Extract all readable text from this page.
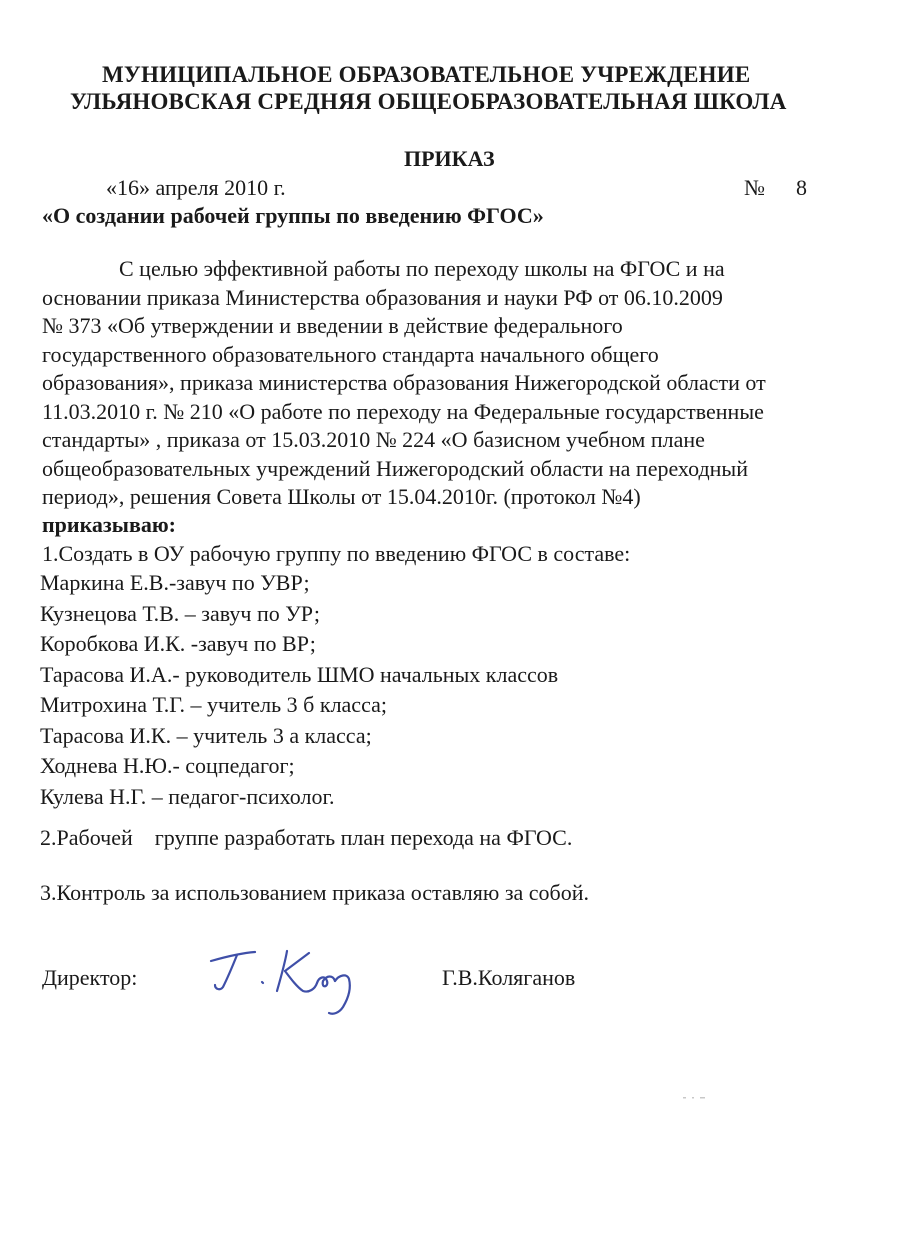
МУНИЦИПАЛЬНОЕ ОБРАЗОВАТЕЛЬНОЕ УЧРЕЖДЕНИЕ
УЛЬЯНОВСКАЯ СРЕДНЯЯ ОБЩЕОБРАЗОВАТЕЛЬНАЯ ШКОЛА
ПРИКАЗ
«16» апреля 2010 г.	№ 8
«О создании рабочей группы по введению ФГОС»
С целью эффективной работы по переходу школы на ФГОС и на
основании приказа Министерства образования и науки РФ от 06.10.2009
№ 373 «Об утверждении и введении в действие федерального
государственного образовательного стандарта начального общего
образования», приказа министерства образования Нижегородской области от
11.03.2010 г. № 210 «О работе по переходу на Федеральные государственные
стандарты» , приказа от 15.03.2010 № 224 «О базисном учебном плане
общеобразовательных учреждений Нижегородский области на переходный
период», решения Совета Школы от 15.04.2010г. (протокол №4)
приказываю:
1.Создать в ОУ рабочую группу по введению ФГОС в составе:
Маркина Е.В.-завуч по УВР;
Кузнецова Т.В. – завуч по УР;
Коробкова И.К. -завуч по ВР;
Тарасова И.А.- руководитель ШМО начальных классов
Митрохина Т.Г. – учитель 3 б класса;
Тарасова И.К. – учитель 3 а класса;
Ходнева Н.Ю.- соцпедагог;
Кулева Н.Г. – педагог-психолог.
2.Рабочей    группе разработать план перехода на ФГОС.
3.Контроль за использованием приказа оставляю за собой.
Директор:	Г.В.Коляганов
